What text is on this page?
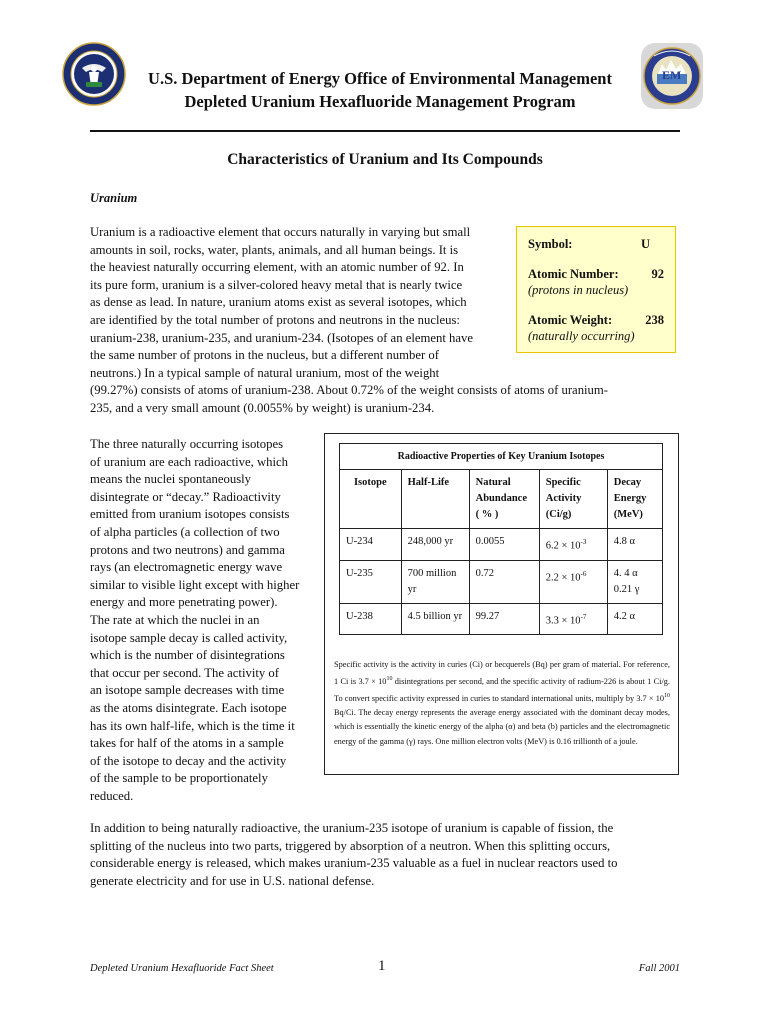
EM
U.S. Department of Energy Office of Environmental Management
Depleted Uranium Hexafluoride Management Program
Characteristics of Uranium and Its Compounds
Uranium
Uranium is a radioactive element that occurs naturally in varying but small
amounts in soil, rocks, water, plants, animals, and all human beings. It is
the heaviest naturally occurring element, with an atomic number of 92. In
its pure form, uranium is a silver-colored heavy metal that is nearly twice
as dense as lead. In nature, uranium atoms exist as several isotopes, which
are identified by the total number of protons and neutrons in the nucleus:
uranium-238, uranium-235, and uranium-234. (Isotopes of an element have
the same number of protons in the nucleus, but a different number of
neutrons.) In a typical sample of natural uranium, most of the weight
(99.27%) consists of atoms of uranium-238. About 0.72% of the weight consists of atoms of uranium-
235, and a very small amount (0.0055% by weight) is uranium-234.
Symbol:	U
Atomic Number:	92
(protons in nucleus)
Atomic Weight:	238
(naturally occurring)
The three naturally occurring isotopes
of uranium are each radioactive, which
means the nuclei spontaneously
disintegrate or “decay.” Radioactivity
emitted from uranium isotopes consists
of alpha particles (a collection of two
protons and two neutrons) and gamma
rays (an electromagnetic energy wave
similar to visible light except with higher
energy and more penetrating power).
The rate at which the nuclei in an
isotope sample decay is called activity,
which is the number of disintegrations
that occur per second. The activity of
an isotope sample decreases with time
as the atoms disintegrate. Each isotope
has its own half-life, which is the time it
takes for half of the atoms in a sample
of the isotope to decay and the activity
of the sample to be proportionately
reduced.
Radioactive Properties of Key Uranium Isotopes
Isotope	Half-Life	Natural Abundance ( % )	Specific Activity (Ci/g)	Decay Energy (MeV)
U-234	248,000 yr	0.0055	$6.2 \times 10^{-3}$	4.8 α

U-235	700 million yr	0.72	$2.2 \times 10^{-6}$	4. 4 α
0.21 γ

U-238	4.5 billion yr	99.27	$3.3 \times 10^{-7}$	4.2 α
Specific activity is the activity in curies (Ci) or becquerels (Bq) per gram of material. For reference, 1 Ci is $3.7 \times 10^{10}$ disintegrations per second, and the specific activity of radium-226 is about 1 Ci/g. To convert specific activity expressed in curies to standard international units, multiply by $3.7 \times 10^{10}$ Bq/Ci. The decay energy represents the average energy associated with the dominant decay modes, which is essentially the kinetic energy of the alpha (α) and beta (b) particles and the electromagnetic energy of the gamma (γ) rays. One million electron volts (MeV) is 0.16 trillionth of a joule.
In addition to being naturally radioactive, the uranium-235 isotope of uranium is capable of fission, the
splitting of the nucleus into two parts, triggered by absorption of a neutron. When this splitting occurs,
considerable energy is released, which makes uranium-235 valuable as a fuel in nuclear reactors used to
generate electricity and for use in U.S. national defense.
Depleted Uranium Hexafluoride Fact Sheet	1	Fall 2001
